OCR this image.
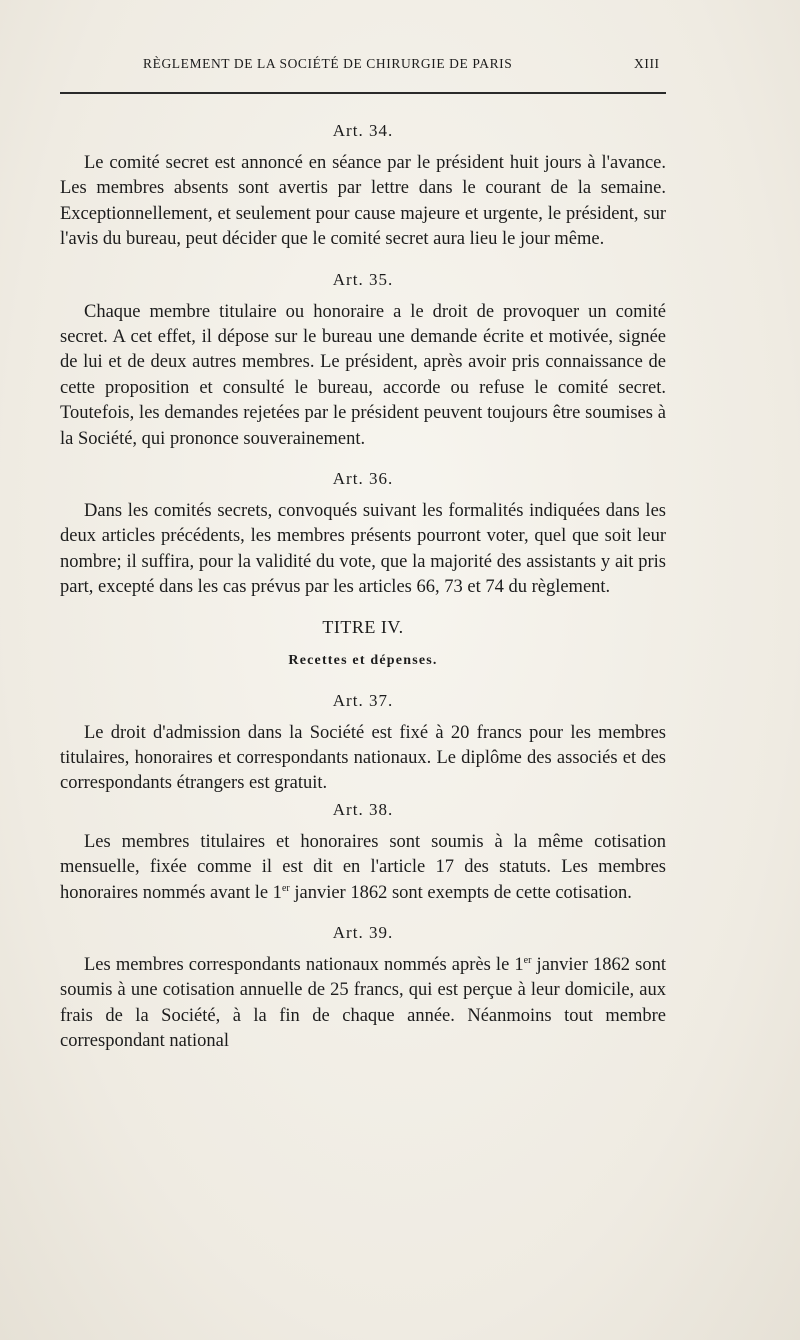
RÈGLEMENT DE LA SOCIÉTÉ DE CHIRURGIE DE PARIS	XIII
Art. 34.

Le comité secret est annoncé en séance par le président huit jours à l'avance. Les membres absents sont avertis par lettre dans le courant de la semaine. Exceptionnellement, et seulement pour cause majeure et urgente, le président, sur l'avis du bureau, peut décider que le comité secret aura lieu le jour même.

Art. 35.

Chaque membre titulaire ou honoraire a le droit de provoquer un comité secret. A cet effet, il dépose sur le bureau une demande écrite et motivée, signée de lui et de deux autres membres. Le président, après avoir pris connaissance de cette proposition et consulté le bureau, accorde ou refuse le comité secret. Toutefois, les demandes rejetées par le président peuvent toujours être soumises à la Société, qui prononce souverainement.

Art. 36.

Dans les comités secrets, convoqués suivant les formalités indiquées dans les deux articles précédents, les membres présents pourront voter, quel que soit leur nombre; il suffira, pour la validité du vote, que la majorité des assistants y ait pris part, excepté dans les cas prévus par les articles 66, 73 et 74 du règlement.

TITRE IV.
Recettes et dépenses.
Art. 37.

Le droit d'admission dans la Société est fixé à 20 francs pour les membres titulaires, honoraires et correspondants nationaux. Le diplôme des associés et des correspondants étrangers est gratuit.

Art. 38.

Les membres titulaires et honoraires sont soumis à la même cotisation mensuelle, fixée comme il est dit en l'article 17 des statuts. Les membres honoraires nommés avant le 1er janvier 1862 sont exempts de cette cotisation.

Art. 39.

Les membres correspondants nationaux nommés après le 1er janvier 1862 sont soumis à une cotisation annuelle de 25 francs, qui est perçue à leur domicile, aux frais de la Société, à la fin de chaque année. Néanmoins tout membre correspondant national
